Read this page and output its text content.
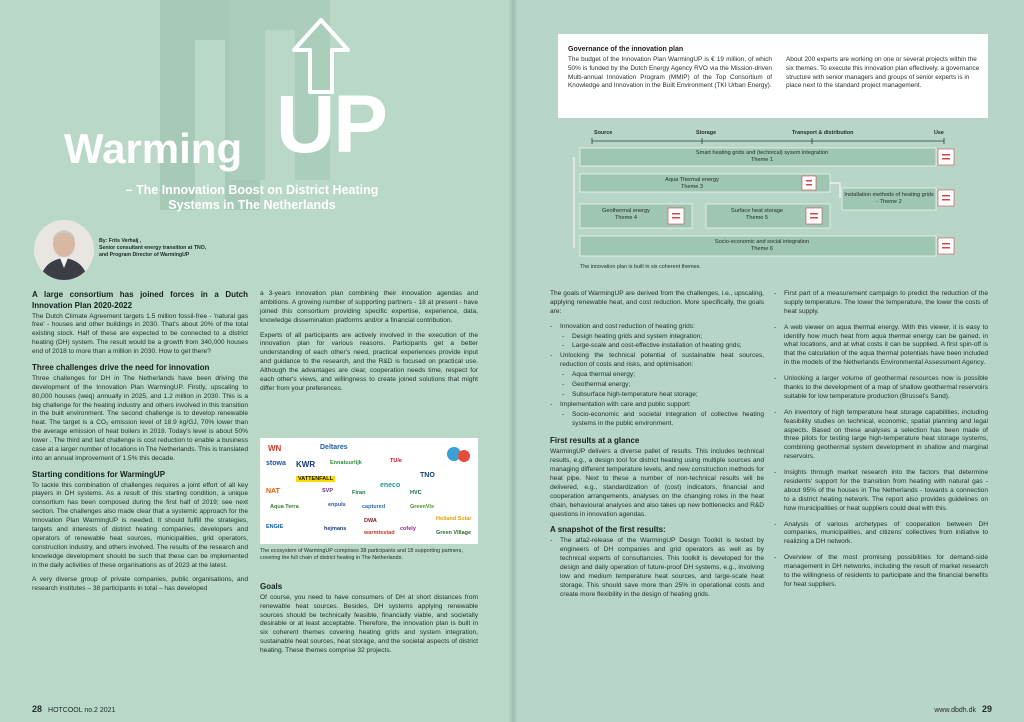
UP
Warming
– The Innovation Boost on District Heating Systems in The Netherlands
By: Frits Verhaij ,
Senior consultant energy transition at TNO,
and Program Director of WarmingUP
A large consortium has joined forces in a Dutch Innovation Plan 2020-2022

The Dutch Climate Agreement targets 1.5 million fossil-free - 'natural gas free' - houses and other buildings in 2030. That's about 20% of the total existing stock. Half of these are expected to be connected to a district heating (DH) system. The result would be a growth from 340,000 houses end of 2018 to more than a million in 2030. How to get there?

Three challenges drive the need for innovation

Three challenges for DH in The Netherlands have been driving the development of the Innovation Plan WarmingUP. Firstly, upscaling to 80,000 houses (weq) annually in 2025, and 1.2 million in 2030. This is a big challenge for the heating industry and others involved in this transition in the built environment. The second challenge is to develop renewable heat. The target is a CO₂ emission level of 18.9 kg/GJ, 70% lower than the average emission of heat boilers in 2018. Today's level is about 50% lower . The third and last challenge is cost reduction to enable a business case at a larger number of locations in The Netherlands. This is translated into an annual improvement of 1.5% this decade.

Starting conditions for WarmingUP

To tackle this combination of challenges requires a joint effort of all key players in DH systems. As a result of this starting condition, a unique consortium has been composed during the first half of 2019; see next section. The challenges also made clear that a systemic approach for the Innovation Plan WarmingUP is needed. It should fulfill the strategies, targets and interests of district heating companies, developers and operators of renewable heat sources, municipalities, grid operators, construction industry, and others involved. The results of the research and knowledge development should be such that these can be implemented in the daily activities of these organisations as of 2023 at the latest.

A very diverse group of private companies, public organisations, and research institutes – 38 participants in total – has developed

a 3-years innovation plan combining their innovation agendas and ambitions. A growing number of supporting partners - 18 at present - have joined this consortium providing specific expertise, experience, data, knowledge dissemination platforms and/or a financial contribution.

Experts of all participants are actively involved in the execution of the innovation plan for various reasons. Participants get a better understanding of each other's need, practical experiences provide input and guidance to the research, and the R&D is focused on practical use. Although the advantages are clear, cooperation needs time, respect for each other's views, and willingness to create joined solutions that might differ from your preferences.

WN	Deltares
stowa KWR	Ennatuurlijk	TU/e
TNO
VATTENFALL
eneco
SVP	Firan	HVC
NAT
enpuls
Aqua Terra	captured	GreenVis
hejmans
ENGIE
Holland Solar
Green Village
DWA
warmtestad
cofely
The ecosystem of WarmingUP comprises 38 participants and 18 supporting partners, covering the full chain of district heating in The Netherlands.
Goals

Of course, you need to have consumers of DH at short distances from renewable heat sources. Besides, DH systems applying renewable sources should be technically feasible, financially viable, and societally desirable or at least acceptable. Therefore, the innovation plan is built in six coherent themes covering heating grids and system integration, sustainable heat sources, heat storage, and the societal aspects of district heating. These themes comprise 32 projects.

28 HOTCOOL no.2 2021
Governance of the innovation plan
The budget of the Innovation Plan WarmingUP is € 19 million, of which 50% is funded by the Dutch Energy Agency RVO via the Mission-driven Multi-annual Innovation Program (MMIP) of the Top Consortium of Knowledge and Innovation in the Built Environment (TKI Urban Energy).
About 200 experts are working on one or several projects within the six themes. To execute this innovation plan effectively, a governance structure with senior managers and groups of senior experts is in place next to the standard project management.
Source	Storage	Transport & distribution	Use
Smart heating grids and (technical) sysem integration
Theme 1
Aqua Thermal energy
Theme 3
Installation methods of heating grids - Theme 2
Geothermal energy
Theme 4
Surface heat storage
Theme 5
Socio-economic and social integration
Theme 6
The innovation plan is built in six coherent themes.

The goals of WarmingUP are derived from the challenges, i.e., upscaling, applying renewable heat, and cost reduction. More specifically, the goals are:

- Innovation and cost reduction of heating grids:
- Design heating grids and system integration;
- Large-scale and cost-effective installation of heating grids;
- Unlocking the technical potential of sustainable heat sources, reduction of costs and risks, and optimisation:
- Aqua thermal energy;
- Geothermal energy;
- Subsurface high-temperature heat storage;
- Implementation with care and public support:
- Socio-economic and societal integration of collective heating systems in the public environment.
First results at a glance

WarmingUP delivers a diverse pallet of results. This includes technical results, e.g., a design tool for district heating using multiple sources and managing different temperature levels, and new construction methods for heat pipe. Next to these a number of non-technical results will be delivered, e.g., standardization of (cost) indicators, financial and cooperation arrangements, analyses on the changing roles in the heat chain, behavioural analyses and also takes up new bottlenecks and R&D questions in innovation agendas.

A snapshot of the first results:
- The alfa2-release of the WarmingUP Design Toolkit is tested by engineers of DH companies and grid operators as well as by technical experts of consultancies. This toolkit is developed for the design and daily operation of future-proof DH systems, e.g., involving low and medium temperature heat sources, and large-scale heat storage. This should save more than 25% in operational costs and create more flexibility in the design of heating grids.
- First part of a measurement campaign to predict the reduction of the supply temperature. The lower the temperature, the lower the costs of heat supply.
- A web viewer on aqua thermal energy. With this viewer, it is easy to identify how much heat from aqua thermal energy can be gained, in what locations, and at what costs it can be supplied. A first spin-off is that the calculation of the aqua thermal potentials have been included in the models of the Netherlands Environmental Assessment Agency.
- Unlocking a larger volume of geothermal resources now is possible thanks to the development of a map of shallow geothermal reservoirs suitable for low temperature production (Brussel's Sand).
- An inventory of high temperature heat storage capabilities, including feasibility studies on technical, economic, spatial planning and legal aspects. Based on these analyses a selection has been made of three pilots for testing large high-temperature heat storage systems, combining geothermal system development in shallow and marginal reservoirs.
- Insights through market research into the factors that determine residents' support for the transition from heating with natural gas - about 95% of the houses in The Netherlands - towards a connection to a district heating network. The report also provides guidelines on how municipalities or heat suppliers could deal with this.
- Analysis of various archetypes of cooperation between DH companies, municipalities, and citizens' collectives from initiative to realizing a DH network.
- Overview of the most promising possibilities for demand-side management in DH networks, including the result of market research to the willingness of residents to participate and the financial benefits for heat suppliers.
www.dbdh.dk 29
